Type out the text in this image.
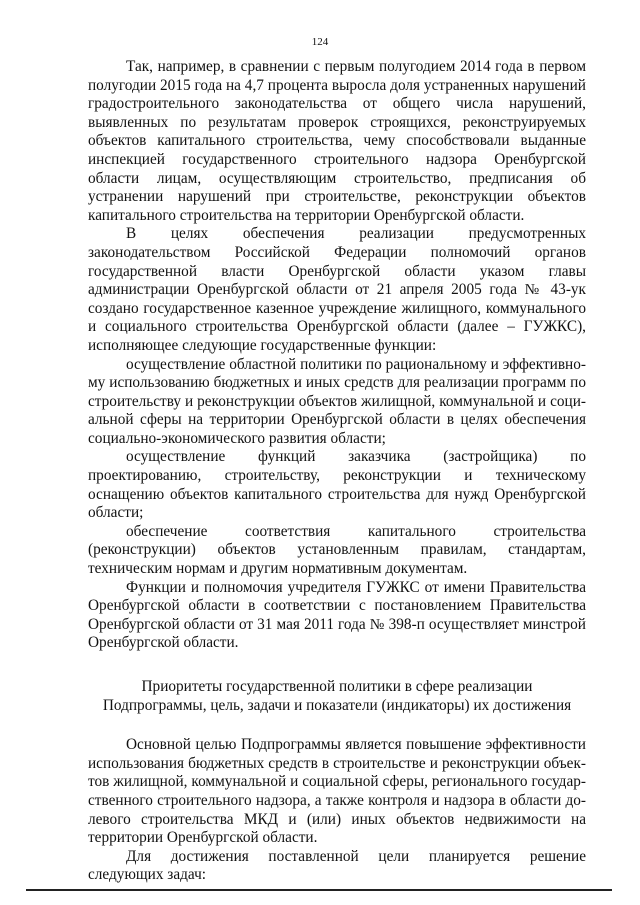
124

Так, например, в сравнении с первым полугодием 2014 года в первом полугодии 2015 года на 4,7 процента выросла доля устраненных нарушений градостроительного законодательства от общего числа нарушений, выявленных по результатам проверок строящихся, реконструируемых объектов капитального строительства, чему способствовали выданные инспекцией государственного строительного надзора Оренбургской области лицам, осуществляющим строительство, предписания об устранении нарушений при строительстве, реконструкции объектов капитального строительства на территории Оренбургской области.

В целях обеспечения реализации предусмотренных законодательством Российской Федерации полномочий органов государственной власти Оренбургской области указом главы администрации Оренбургской области от 21 апреля 2005 года № 43-ук создано государственное казенное учреждение жилищного, коммунального и социального строительства Оренбургской области (далее – ГУЖКС), исполняющее следующие государственные функции:

осуществление областной политики по рациональному и эффективному использованию бюджетных и иных средств для реализации программ по строительству и реконструкции объектов жилищной, коммунальной и социальной сферы на территории Оренбургской области в целях обеспечения социально-экономического развития области;

осуществление функций заказчика (застройщика) по проектированию, строительству, реконструкции и техническому оснащению объектов капитального строительства для нужд Оренбургской области;

обеспечение соответствия капитального строительства (реконструкции) объектов установленным правилам, стандартам, техническим нормам и другим нормативным документам.

Функции и полномочия учредителя ГУЖКС от имени Правительства Оренбургской области в соответствии с постановлением Правительства Оренбургской области от 31 мая 2011 года № 398-п осуществляет минстрой Оренбургской области.

Приоритеты государственной политики в сфере реализации
Подпрограммы, цель, задачи и показатели (индикаторы) их достижения

Основной целью Подпрограммы является повышение эффективности использования бюджетных средств в строительстве и реконструкции объектов жилищной, коммунальной и социальной сферы, регионального государственного строительного надзора, а также контроля и надзора в области долевого строительства МКД и (или) иных объектов недвижимости на территории Оренбургской области.

Для достижения поставленной цели планируется решение следующих задач:
